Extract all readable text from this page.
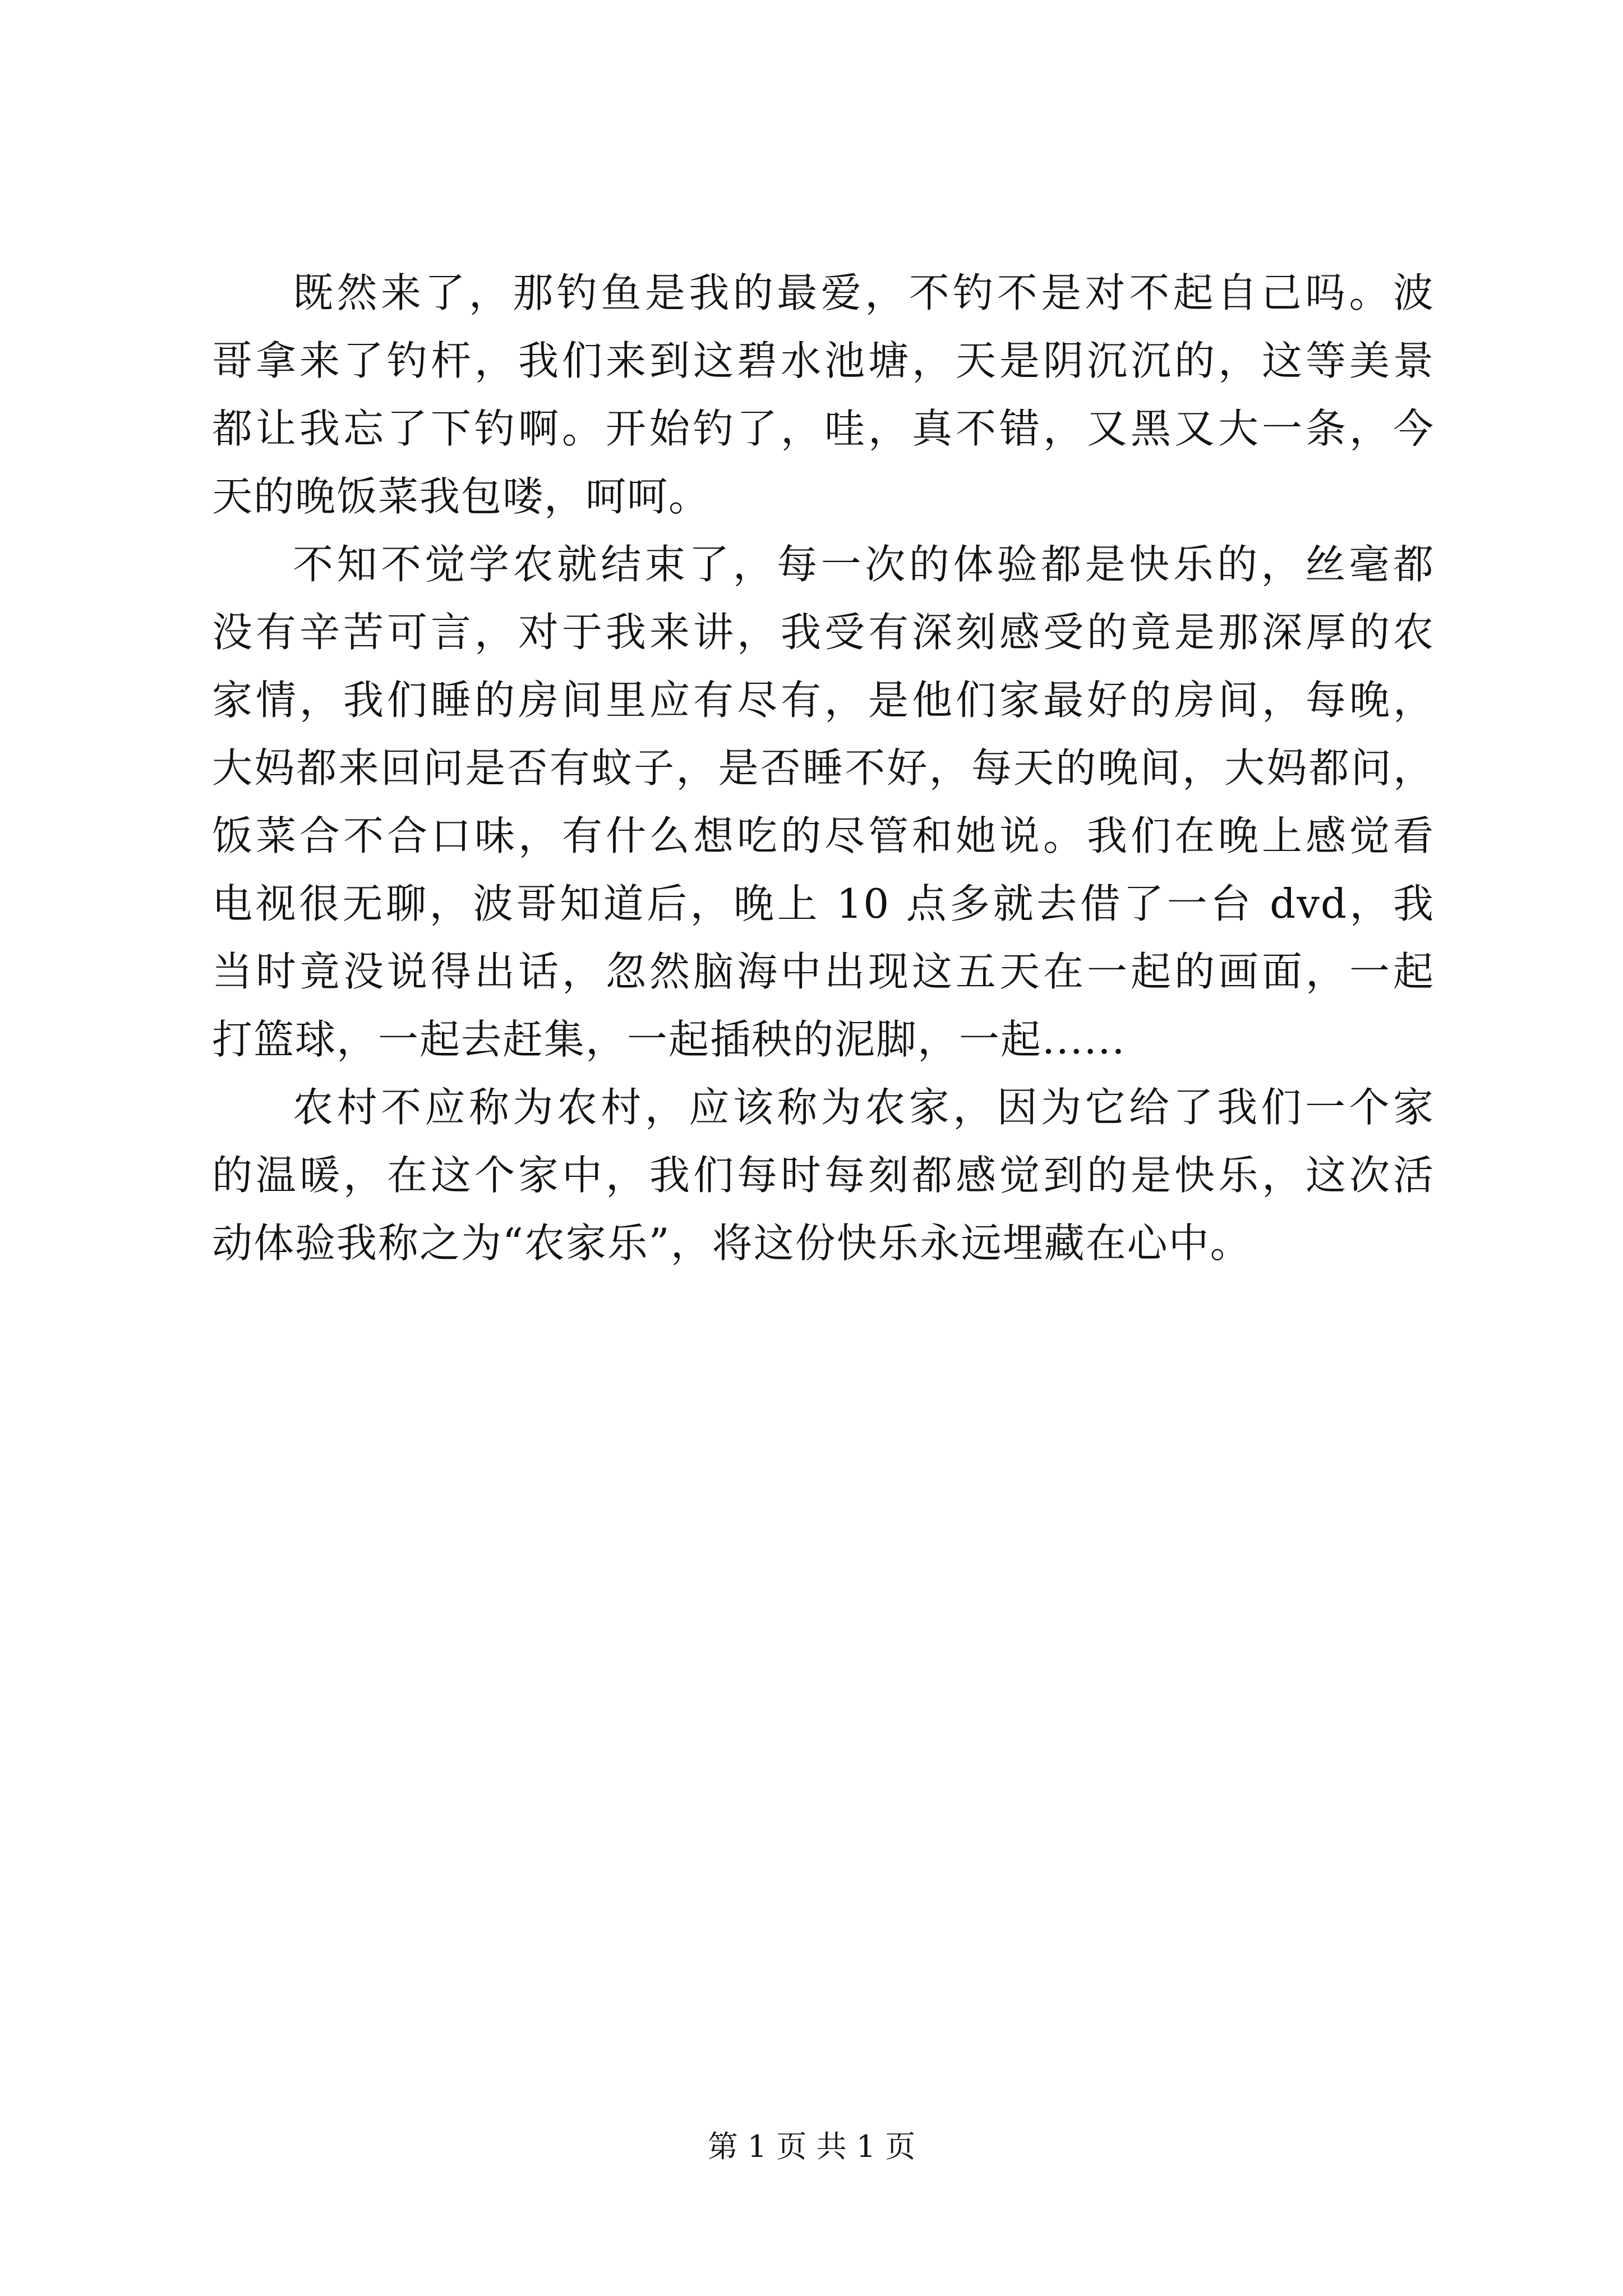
既然来了，那钓鱼是我的最爱，不钓不是对不起自己吗。波
哥拿来了钓杆，我们来到这碧水池塘，天是阴沉沉的，这等美景
都让我忘了下钓啊。开始钓了，哇，真不错，又黑又大一条，今
天的晚饭菜我包喽，呵呵。
不知不觉学农就结束了，每一次的体验都是快乐的，丝毫都
没有辛苦可言，对于我来讲，我受有深刻感受的竟是那深厚的农
家情，我们睡的房间里应有尽有，是他们家最好的房间，每晚，
大妈都来回问是否有蚊子，是否睡不好，每天的晚间，大妈都问，
饭菜合不合口味，有什么想吃的尽管和她说。我们在晚上感觉看
电视很无聊，波哥知道后，晚上 10 点多就去借了一台 dvd，我
当时竟没说得出话，忽然脑海中出现这五天在一起的画面，一起
打篮球，一起去赶集，一起插秧的泥脚，一起......
农村不应称为农村，应该称为农家，因为它给了我们一个家
的温暖，在这个家中，我们每时每刻都感觉到的是快乐，这次活
动体验我称之为“农家乐”，将这份快乐永远埋藏在心中。
第 1 页 共 1 页
